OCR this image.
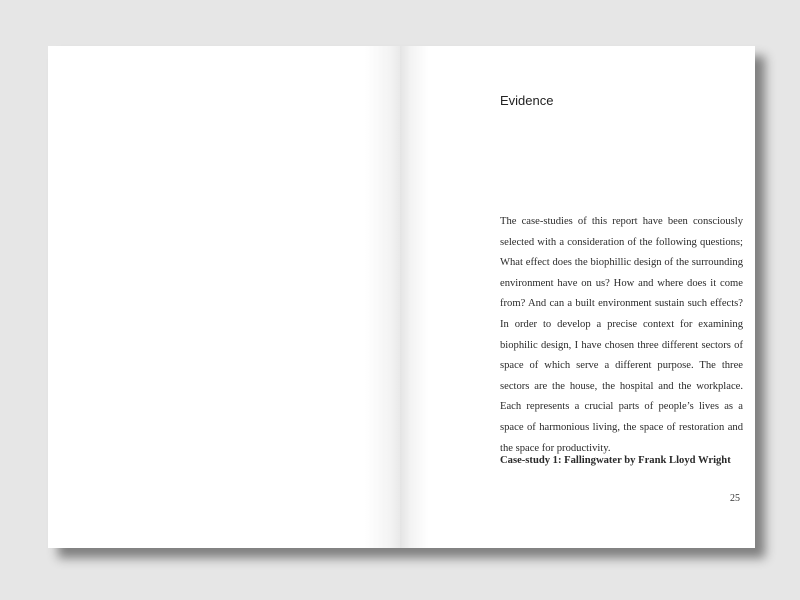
Evidence

The case-studies of this report have been consciously selected with a consideration of the following questions; What effect does the biophillic design of the surrounding environment have on us? How and where does it come from? And can a built environment sustain such effects? In order to develop a precise context for examining biophilic design, I have chosen three different sectors of space of which serve a different purpose. The three sectors are the house, the hospital and the workplace. Each represents a crucial parts of people’s lives as a space of harmonious living, the space of restoration and the space for productivity.

Case-study 1: Fallingwater by Frank Lloyd Wright

25
